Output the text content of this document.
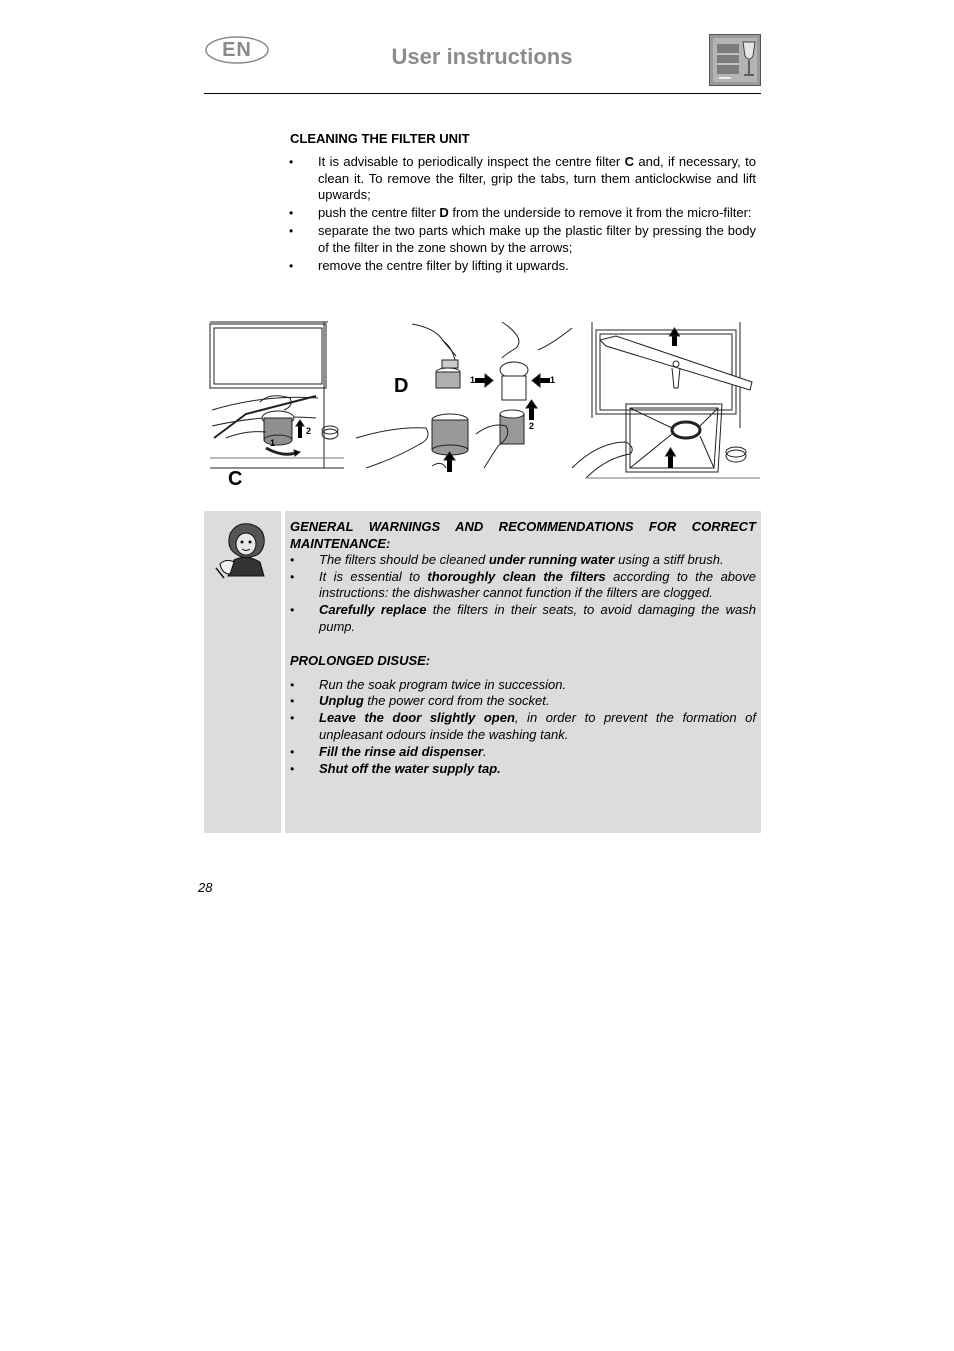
EN	User instructions
CLEANING THE FILTER UNIT
• It is advisable to periodically inspect the centre filter C and, if necessary, to clean it. To remove the filter, grip the tabs, turn them anticlockwise and lift upwards;
• push the centre filter D from the underside to remove it from the micro-filter:
• separate the two parts which make up the plastic filter by pressing the body of the filter in the zone shown by the arrows;
• remove the centre filter by lifting it upwards.
C
D
1
2
1	1
2

GENERAL WARNINGS AND RECOMMENDATIONS FOR CORRECT MAINTENANCE:

• The filters should be cleaned under running water using a stiff brush.
• It is essential to thoroughly clean the filters according to the above instructions: the dishwasher cannot function if the filters are clogged.
• Carefully replace the filters in their seats, to avoid damaging the wash pump.

PROLONGED DISUSE:

• Run the soak program twice in succession.
• Unplug the power cord from the socket.
• Leave the door slightly open, in order to prevent the formation of unpleasant odours inside the washing tank.
• Fill the rinse aid dispenser.
• Shut off the water supply tap.
28
